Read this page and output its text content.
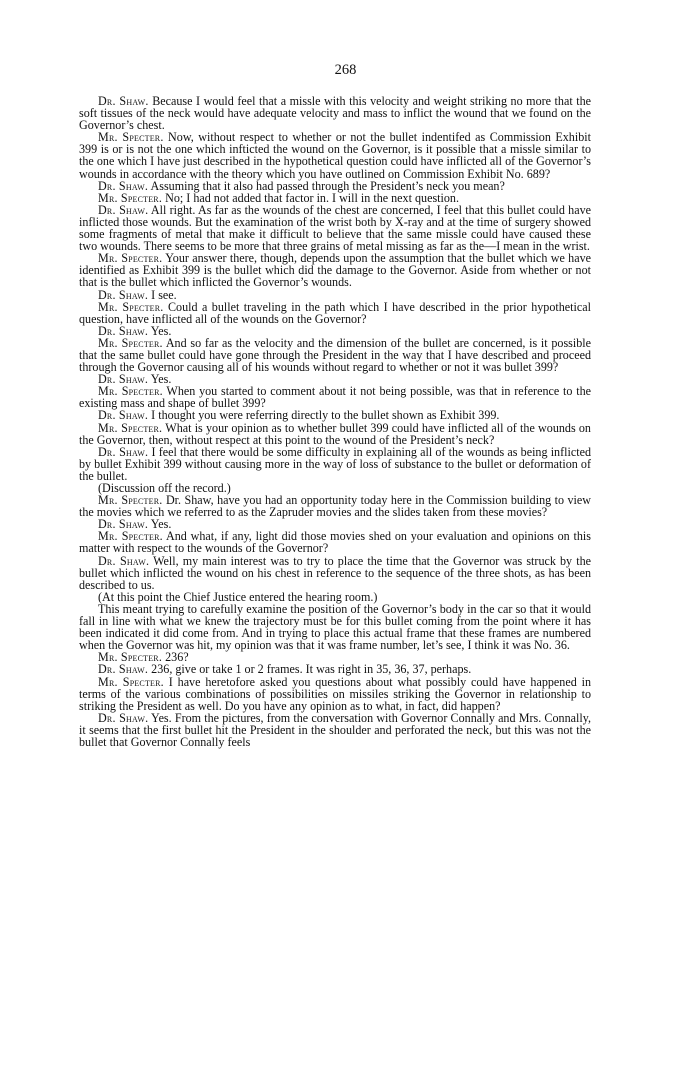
268

Dr. Shaw. Because I would feel that a missle with this velocity and weight striking no more that the soft tissues of the neck would have adequate velocity and mass to inflict the wound that we found on the Governor’s chest.

Mr. Specter. Now, without respect to whether or not the bullet indentifed as Commission Exhibit 399 is or is not the one which infticted the wound on the Governor, is it possible that a missle similar to the one which I have just described in the hypothetical question could have inflicted all of the Governor’s wounds in accordance with the theory which you have outlined on Commission Exhibit No. 689?

Dr. Shaw. Assuming that it also had passed through the President’s neck you mean?

Mr. Specter. No; I had not added that factor in. I will in the next question.

Dr. Shaw. All right. As far as the wounds of the chest are concerned, I feel that this bullet could have inflicted those wounds. But the examination of the wrist both by X-ray and at the time of surgery showed some fragments of metal that make it difficult to believe that the same missle could have caused these two wounds. There seems to be more that three grains of metal missing as far as the—I mean in the wrist.

Mr. Specter. Your answer there, though, depends upon the assumption that the bullet which we have identified as Exhibit 399 is the bullet which did the damage to the Governor. Aside from whether or not that is the bullet which inflicted the Governor’s wounds.

Dr. Shaw. I see.

Mr. Specter. Could a bullet traveling in the path which I have described in the prior hypothetical question, have inflicted all of the wounds on the Governor?

Dr. Shaw. Yes.

Mr. Specter. And so far as the velocity and the dimension of the bullet are concerned, is it possible that the same bullet could have gone through the President in the way that I have described and proceed through the Governor causing all of his wounds without regard to whether or not it was bullet 399?

Dr. Shaw. Yes.

Mr. Specter. When you started to comment about it not being possible, was that in reference to the existing mass and shape of bullet 399?

Dr. Shaw. I thought you were referring directly to the bullet shown as Exhibit 399.

Mr. Specter. What is your opinion as to whether bullet 399 could have inflicted all of the wounds on the Governor, then, without respect at this point to the wound of the President’s neck?

Dr. Shaw. I feel that there would be some difficulty in explaining all of the wounds as being inflicted by bullet Exhibit 399 without causing more in the way of loss of substance to the bullet or deformation of the bullet.

(Discussion off the record.)

Mr. Specter. Dr. Shaw, have you had an opportunity today here in the Commission building to view the movies which we referred to as the Zapruder movies and the slides taken from these movies?

Dr. Shaw. Yes.

Mr. Specter. And what, if any, light did those movies shed on your evaluation and opinions on this matter with respect to the wounds of the Governor?

Dr. Shaw. Well, my main interest was to try to place the time that the Governor was struck by the bullet which inflicted the wound on his chest in reference to the sequence of the three shots, as has been described to us.

(At this point the Chief Justice entered the hearing room.)

This meant trying to carefully examine the position of the Governor’s body in the car so that it would fall in line with what we knew the trajectory must be for this bullet coming from the point where it has been indicated it did come from. And in trying to place this actual frame that these frames are numbered when the Governor was hit, my opinion was that it was frame number, let’s see, I think it was No. 36.

Mr. Specter. 236?

Dr. Shaw. 236, give or take 1 or 2 frames. It was right in 35, 36, 37, perhaps.

Mr. Specter. I have heretofore asked you questions about what possibly could have happened in terms of the various combinations of possibilities on missiles striking the Governor in relationship to striking the President as well. Do you have any opinion as to what, in fact, did happen?

Dr. Shaw. Yes. From the pictures, from the conversation with Governor Connally and Mrs. Connally, it seems that the first bullet hit the President in the shoulder and perforated the neck, but this was not the bullet that Governor Connally feels
